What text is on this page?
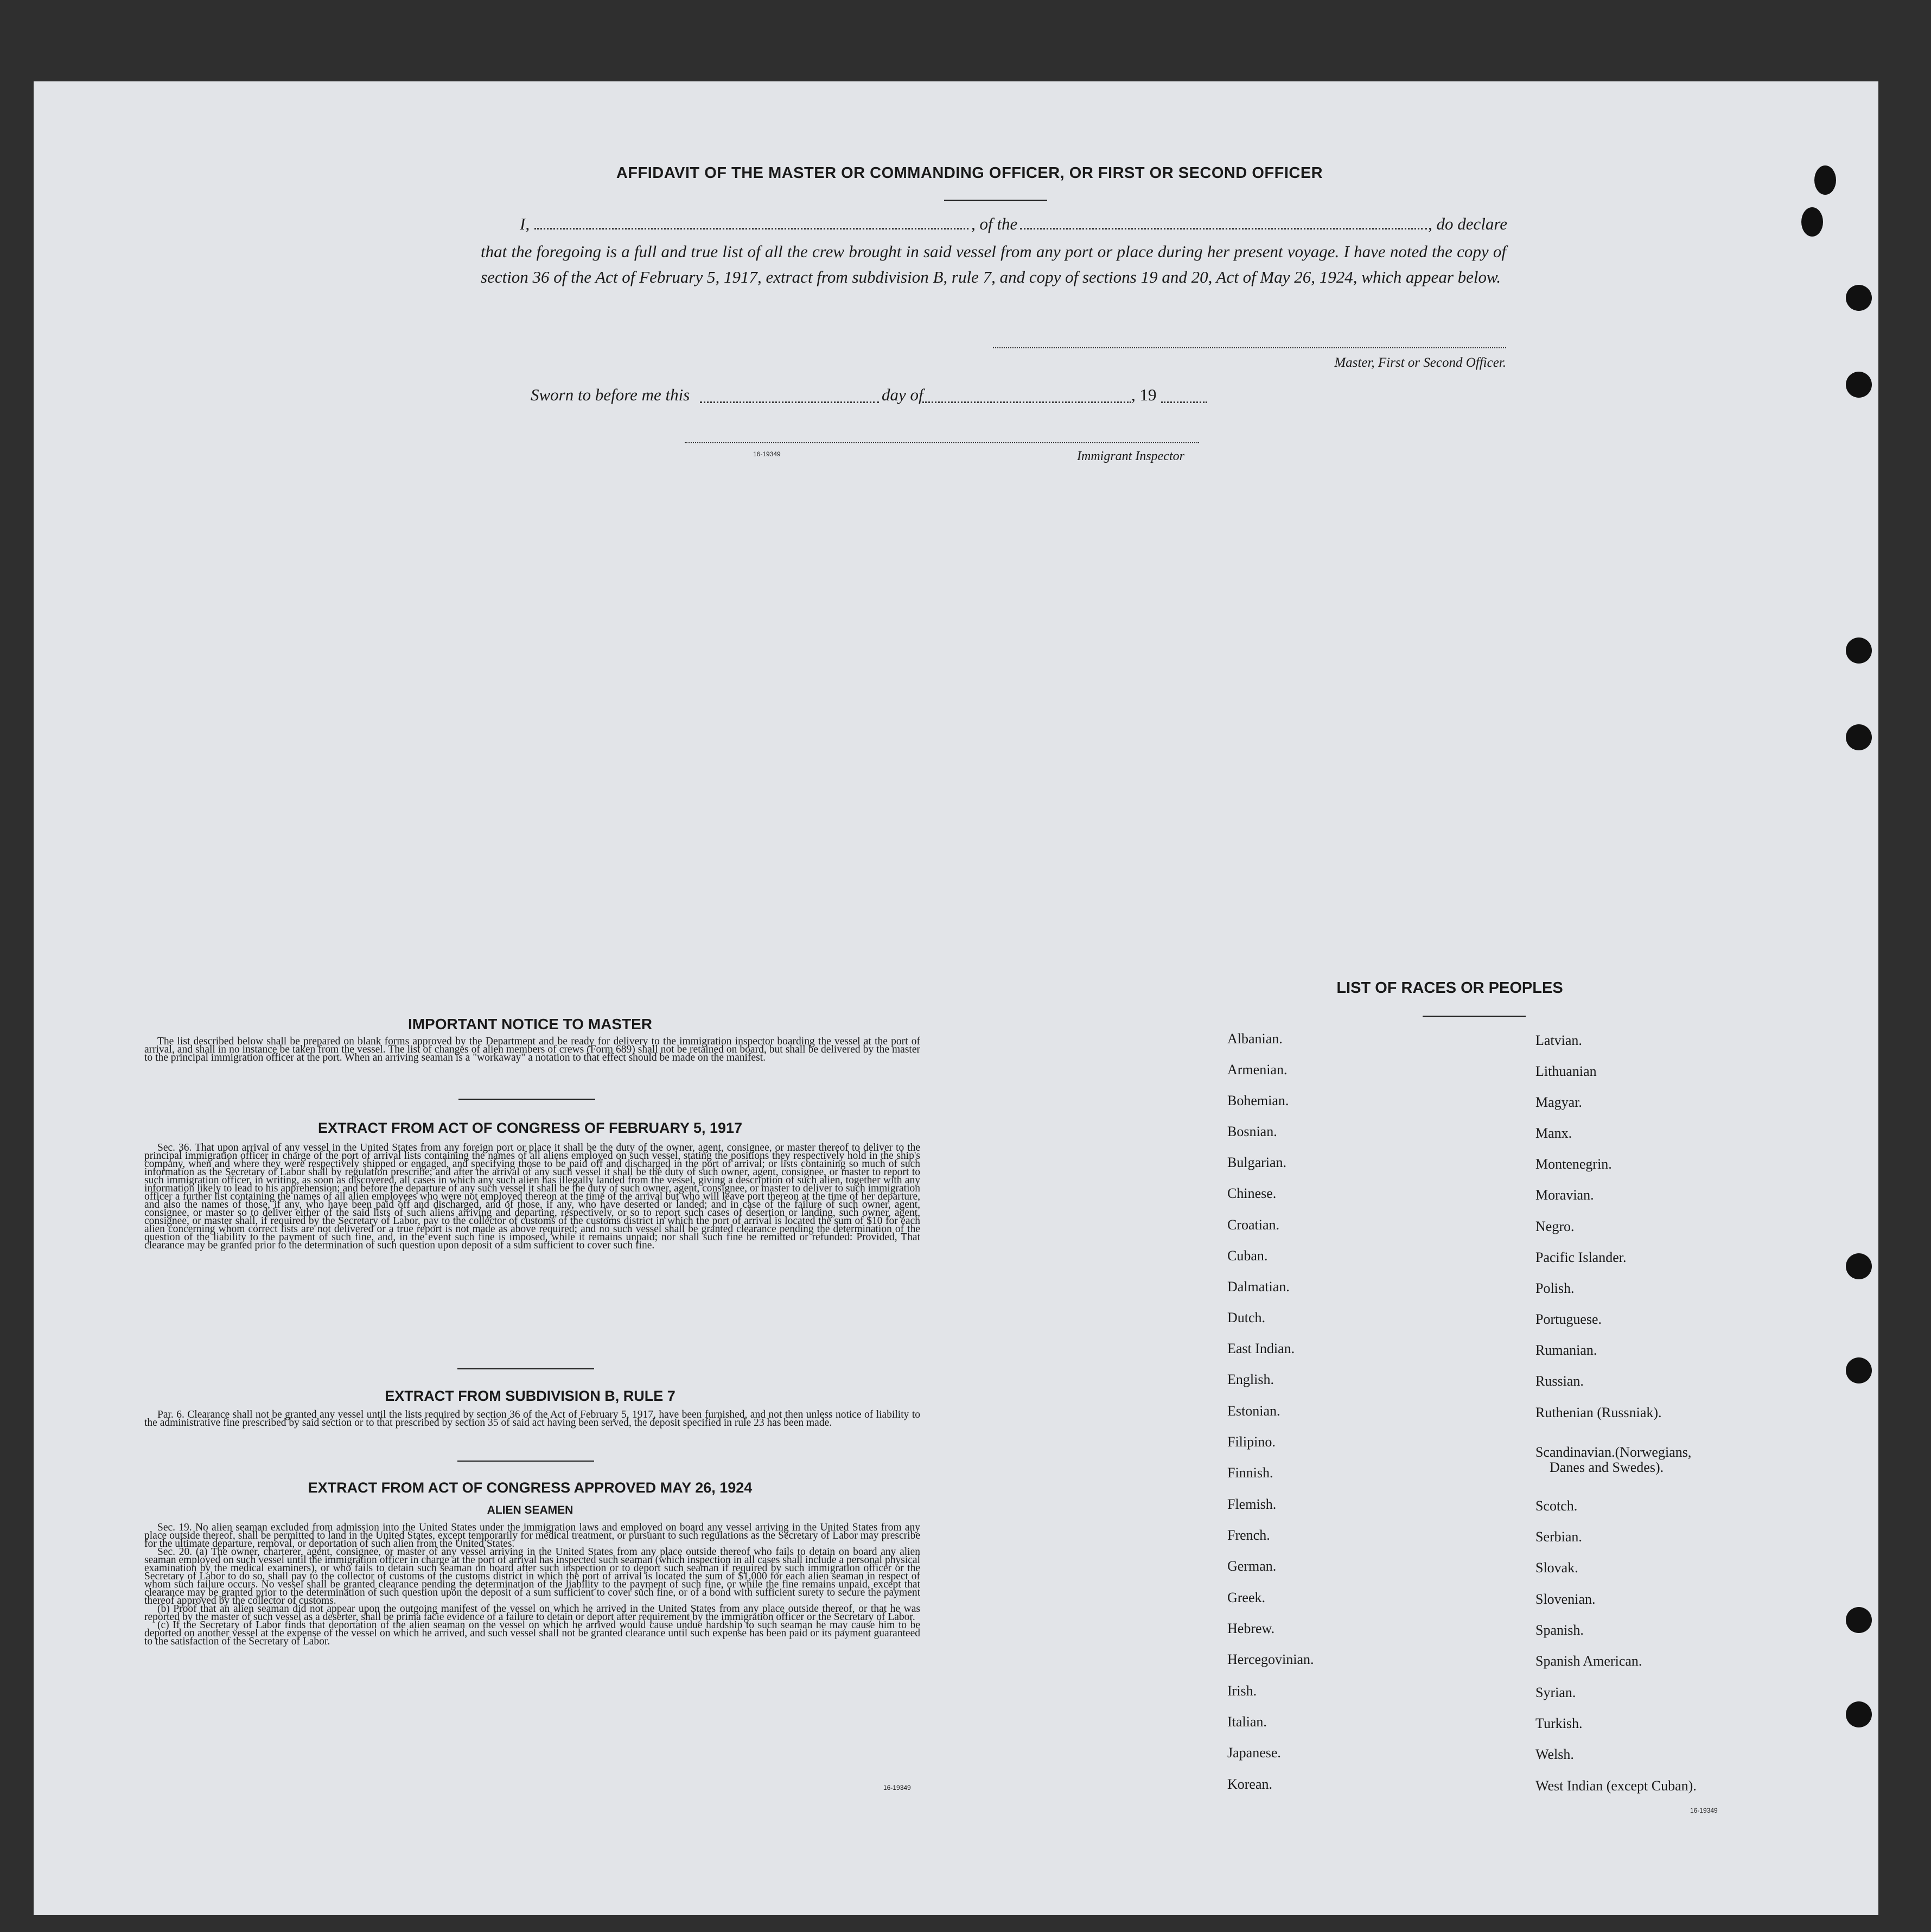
AFFIDAVIT OF THE MASTER OR COMMANDING OFFICER, OR FIRST OR SECOND OFFICER
I,	, of the	, do declare
that the foregoing is a full and true list of all the crew brought in said vessel from any port or place during her present voyage. I have noted the copy of section 36 of the Act of February 5, 1917, extract from subdivision B, rule 7, and copy of sections 19 and 20, Act of May 26, 1924, which appear below.
Master, First or Second Officer.
Sworn to before me this	day of	, 19
16-19349	Immigrant Inspector
IMPORTANT NOTICE TO MASTER

The list described below shall be prepared on blank forms approved by the Department and be ready for delivery to the immigration inspector boarding the vessel at the port of arrival, and shall in no instance be taken from the vessel. The list of changes of alien members of crews (Form 689) shall not be retained on board, but shall be delivered by the master to the principal immigration officer at the port. When an arriving seaman is a "workaway" a notation to that effect should be made on the manifest.

EXTRACT FROM ACT OF CONGRESS OF FEBRUARY 5, 1917

Sec. 36. That upon arrival of any vessel in the United States from any foreign port or place it shall be the duty of the owner, agent, consignee, or master thereof to deliver to the principal immigration officer in charge of the port of arrival lists containing the names of all aliens employed on such vessel, stating the positions they respectively hold in the ship's company, when and where they were respectively shipped or engaged, and specifying those to be paid off and discharged in the port of arrival; or lists containing so much of such information as the Secretary of Labor shall by regulation prescribe; and after the arrival of any such vessel it shall be the duty of such owner, agent, consignee, or master to report to such immigration officer, in writing, as soon as discovered, all cases in which any such alien has illegally landed from the vessel, giving a description of such alien, together with any information likely to lead to his apprehension; and before the departure of any such vessel it shall be the duty of such owner, agent, consignee, or master to deliver to such immigration officer a further list containing the names of all alien employees who were not employed thereon at the time of the arrival but who will leave port thereon at the time of her departure, and also the names of those, if any, who have been paid off and discharged, and of those, if any, who have deserted or landed; and in case of the failure of such owner, agent, consignee, or master so to deliver either of the said lists of such aliens arriving and departing, respectively, or so to report such cases of desertion or landing, such owner, agent, consignee, or master shall, if required by the Secretary of Labor, pay to the collector of customs of the customs district in which the port of arrival is located the sum of $10 for each alien concerning whom correct lists are not delivered or a true report is not made as above required; and no such vessel shall be granted clearance pending the determination of the question of the liability to the payment of such fine, and, in the event such fine is imposed, while it remains unpaid; nor shall such fine be remitted or refunded: Provided, That clearance may be granted prior to the determination of such question upon deposit of a sum sufficient to cover such fine.

EXTRACT FROM SUBDIVISION B, RULE 7

Par. 6. Clearance shall not be granted any vessel until the lists required by section 36 of the Act of February 5, 1917, have been furnished, and not then unless notice of liability to the administrative fine prescribed by said section or to that prescribed by section 35 of said act having been served, the deposit specified in rule 23 has been made.

EXTRACT FROM ACT OF CONGRESS APPROVED MAY 26, 1924
ALIEN SEAMEN

Sec. 19. No alien seaman excluded from admission into the United States under the immigration laws and employed on board any vessel arriving in the United States from any place outside thereof, shall be permitted to land in the United States, except temporarily for medical treatment, or pursuant to such regulations as the Secretary of Labor may prescribe for the ultimate departure, removal, or deportation of such alien from the United States.

Sec. 20. (a) The owner, charterer, agent, consignee, or master of any vessel arriving in the United States from any place outside thereof who fails to detain on board any alien seaman employed on such vessel until the immigration officer in charge at the port of arrival has inspected such seaman (which inspection in all cases shall include a personal physical examination by the medical examiners), or who fails to detain such seaman on board after such inspection or to deport such seaman if required by such immigration officer or the Secretary of Labor to do so, shall pay to the collector of customs of the customs district in which the port of arrival is located the sum of $1,000 for each alien seaman in respect of whom such failure occurs. No vessel shall be granted clearance pending the determination of the liability to the payment of such fine, or while the fine remains unpaid, except that clearance may be granted prior to the determination of such question upon the deposit of a sum sufficient to cover such fine, or of a bond with sufficient surety to secure the payment thereof approved by the collector of customs.

(b) Proof that an alien seaman did not appear upon the outgoing manifest of the vessel on which he arrived in the United States from any place outside thereof, or that he was reported by the master of such vessel as a deserter, shall be prima facie evidence of a failure to detain or deport after requirement by the immigration officer or the Secretary of Labor.

(c) If the Secretary of Labor finds that deportation of the alien seaman on the vessel on which he arrived would cause undue hardship to such seaman he may cause him to be deported on another vessel at the expense of the vessel on which he arrived, and such vessel shall not be granted clearance until such expense has been paid or its payment guaranteed to the satisfaction of the Secretary of Labor.

16-19349
LIST OF RACES OR PEOPLES
Albanian.
Armenian.
Bohemian.
Bosnian.
Bulgarian.
Chinese.
Croatian.
Cuban.
Dalmatian.
Dutch.
East Indian.
English.
Estonian.
Filipino.
Finnish.
Flemish.
French.
German.
Greek.
Hebrew.
Hercegovinian.
Irish.
Italian.
Japanese.
Korean.
Latvian.
Lithuanian
Magyar.
Manx.
Montenegrin.
Moravian.
Negro.
Pacific Islander.
Polish.
Portuguese.
Rumanian.
Russian.
Ruthenian (Russniak).
Scandinavian.(Norwegians,
Danes and Swedes).
Scotch.
Serbian.
Slovak.
Slovenian.
Spanish.
Spanish American.
Syrian.
Turkish.
Welsh.
West Indian (except Cuban).
16-19349
